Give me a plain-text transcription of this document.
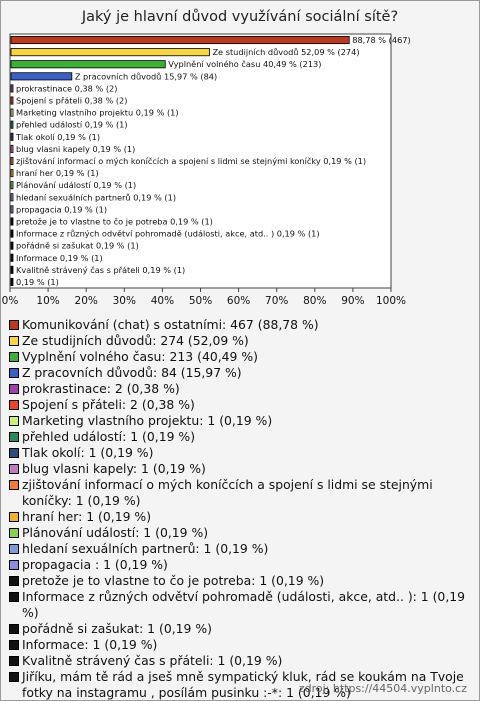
Jaký je hlavní důvod využívání sociální sítě?
88,78 % (467)
Ze studijních důvodů 52,09 % (274)
Vyplnění volného času 40,49 % (213)
Z pracovních důvodů 15,97 % (84)
prokrastinace 0,38 % (2)
Spojení s přáteli 0,38 % (2)
Marketing vlastního projektu 0,19 % (1)
přehled událostí 0,19 % (1)
Tlak okolí 0,19 % (1)
blug vlasni kapely 0,19 % (1)
zjištování informací o mých koníčcích a spojení s lidmi se stejnými koníčky 0,19 % (1)
hraní her 0,19 % (1)
Plánování událostí 0,19 % (1)
hledaní sexuálních partnerů 0,19 % (1)
propagacia 0,19 % (1)
pretože je to vlastne to čo je potreba 0,19 % (1)
Informace z různých odvětví pohromadě (události, akce, atd.. ) 0,19 % (1)
pořádně si zašukat 0,19 % (1)
Informace 0,19 % (1)
Kvalitně strávený čas s přáteli 0,19 % (1)
0,19 % (1)
0% 10% 20% 30% 40% 50% 60% 70% 80% 90% 100%
Komunikování (chat) s ostatními: 467 (88,78 %)
Ze studijních důvodů: 274 (52,09 %)
Vyplnění volného času: 213 (40,49 %)
Z pracovních důvodů: 84 (15,97 %)
prokrastinace: 2 (0,38 %)
Spojení s přáteli: 2 (0,38 %)
Marketing vlastního projektu: 1 (0,19 %)
přehled událostí: 1 (0,19 %)
Tlak okolí: 1 (0,19 %)
blug vlasni kapely: 1 (0,19 %)
zjištování informací o mých koníčcích a spojení s lidmi se stejnými koníčky: 1 (0,19 %)
hraní her: 1 (0,19 %)
Plánování událostí: 1 (0,19 %)
hledaní sexuálních partnerů: 1 (0,19 %)
propagacia : 1 (0,19 %)
pretože je to vlastne to čo je potreba: 1 (0,19 %)
Informace z různých odvětví pohromadě (události, akce, atd.. ): 1 (0,19 %)
pořádně si zašukat: 1 (0,19 %)
Informace: 1 (0,19 %)
Kvalitně strávený čas s přáteli: 1 (0,19 %)
Jiříku, mám tě rád a jseš mně sympatický kluk, rád se koukám na Tvoje fotky na instagramu , posílám pusinku :-*: 1 (0,19 %)
zdroj: https://44504.vyplnto.cz
